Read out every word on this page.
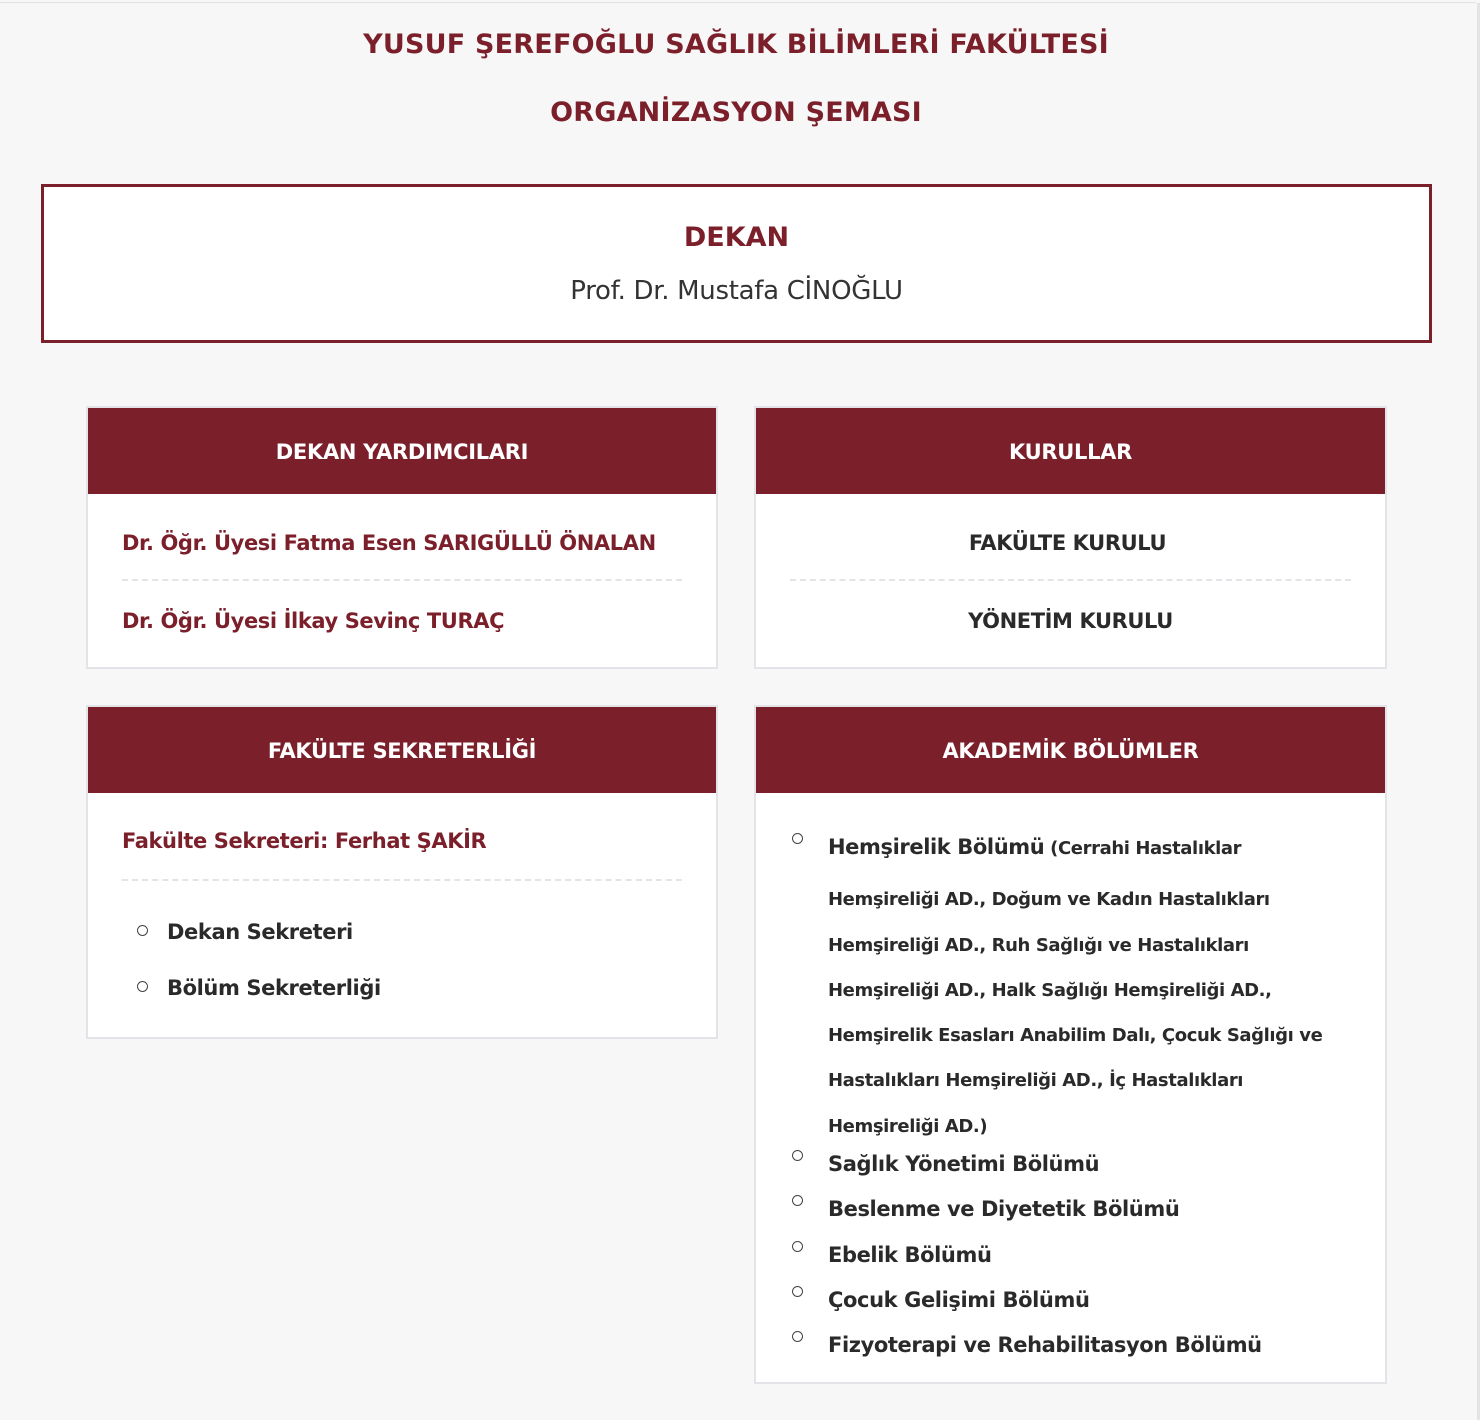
YUSUF ŞEREFOĞLU SAĞLIK BİLİMLERİ FAKÜLTESİ
ORGANİZASYON ŞEMASI
DEKAN
Prof. Dr. Mustafa CİNOĞLU
DEKAN YARDIMCILARI
Dr. Öğr. Üyesi Fatma Esen SARIGÜLLÜ ÖNALAN
Dr. Öğr. Üyesi İlkay Sevinç TURAÇ
KURULLAR
FAKÜLTE KURULU
YÖNETİM KURULU
FAKÜLTE SEKRETERLİĞİ
Fakülte Sekreteri: Ferhat ŞAKİR
Dekan Sekreteri
Bölüm Sekreterliği
AKADEMİK BÖLÜMLER
Hemşirelik Bölümü (Cerrahi Hastalıklar
Hemşireliği AD., Doğum ve Kadın Hastalıkları
Hemşireliği AD., Ruh Sağlığı ve Hastalıkları
Hemşireliği AD., Halk Sağlığı Hemşireliği AD.,
Hemşirelik Esasları Anabilim Dalı, Çocuk Sağlığı ve
Hastalıkları Hemşireliği AD., İç Hastalıkları
Hemşireliği AD.)
Sağlık Yönetimi Bölümü
Beslenme ve Diyetetik Bölümü
Ebelik Bölümü
Çocuk Gelişimi Bölümü
Fizyoterapi ve Rehabilitasyon Bölümü
